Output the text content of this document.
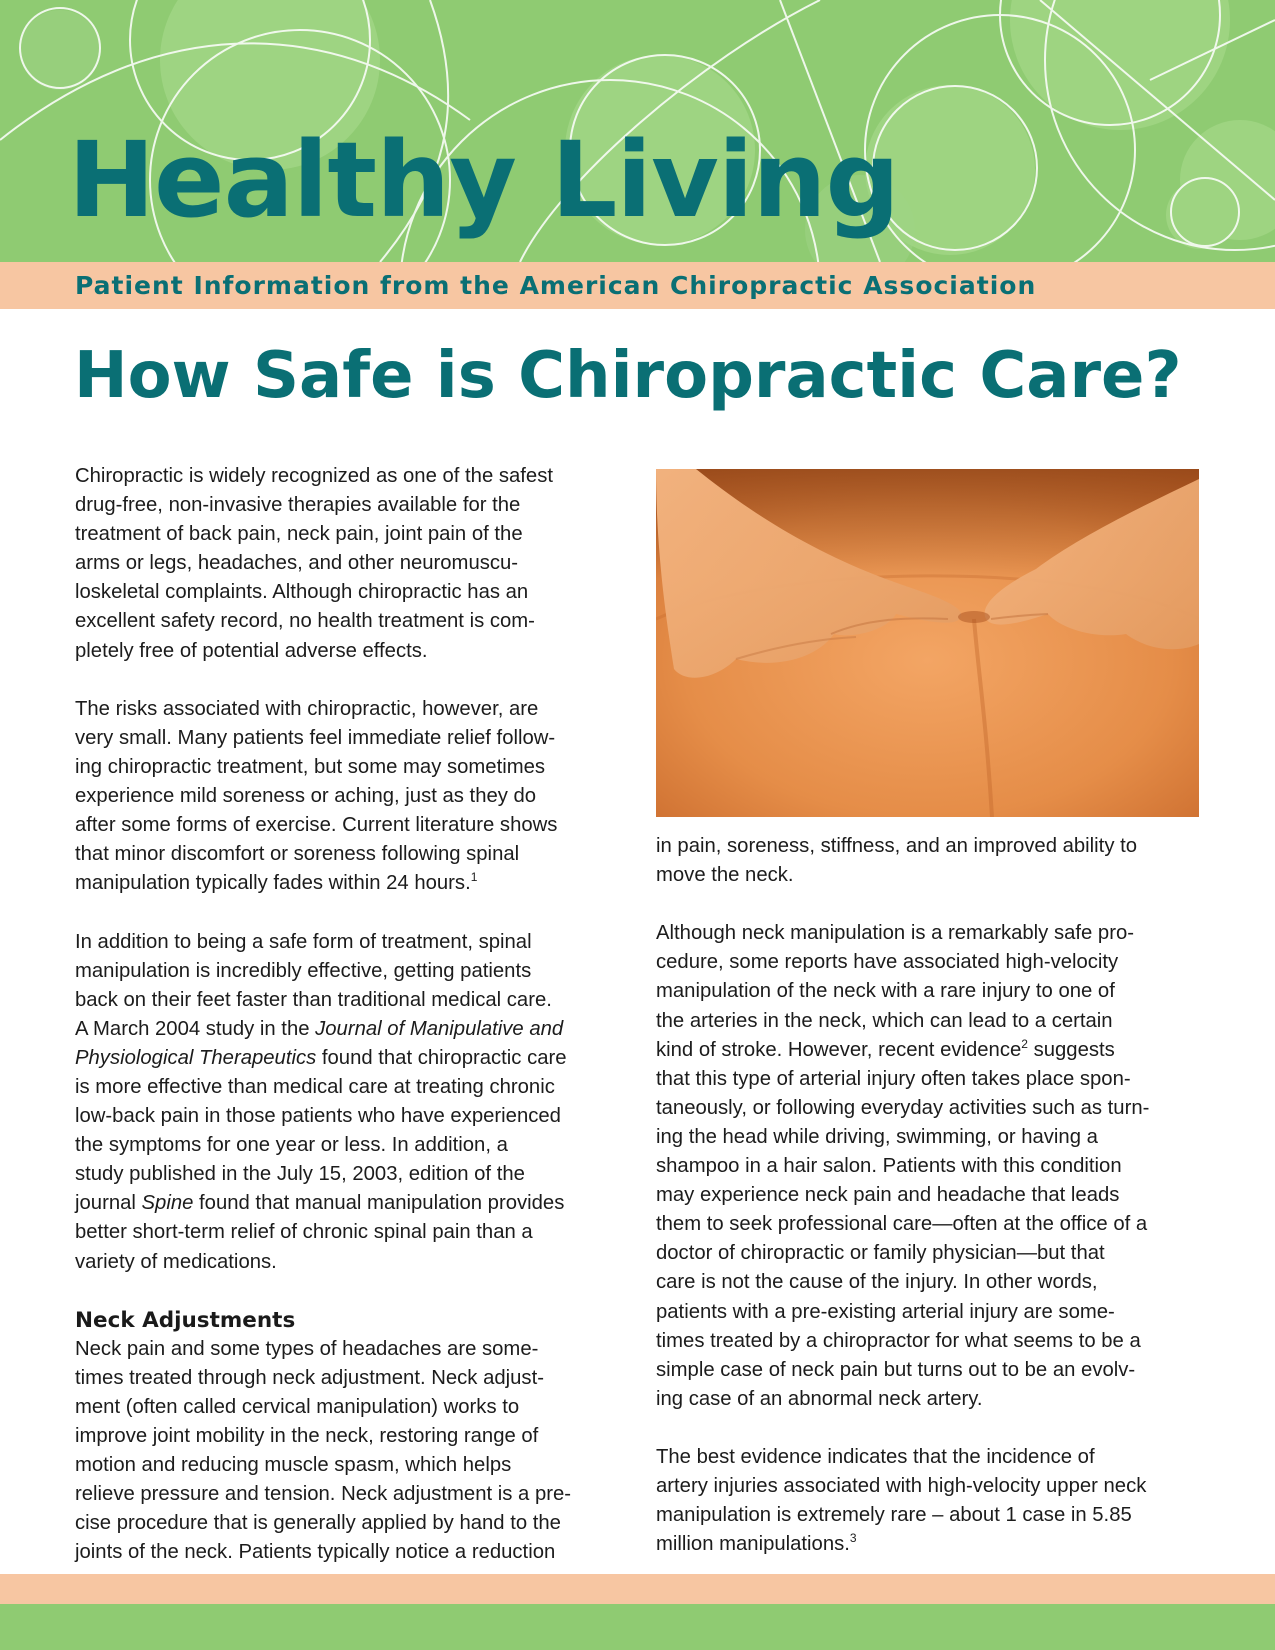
Healthy Living
Patient Information from the American Chiropractic Association
How Safe is Chiropractic Care?

Chiropractic is widely recognized as one of the safest
drug-free, non-invasive therapies available for the
treatment of back pain, neck pain, joint pain of the
arms or legs, headaches, and other neuromuscu-
loskeletal complaints. Although chiropractic has an
excellent safety record, no health treatment is com-
pletely free of potential adverse effects.

The risks associated with chiropractic, however, are
very small. Many patients feel immediate relief follow-
ing chiropractic treatment, but some may sometimes
experience mild soreness or aching, just as they do
after some forms of exercise. Current literature shows
that minor discomfort or soreness following spinal
manipulation typically fades within 24 hours.$^1$

In addition to being a safe form of treatment, spinal
manipulation is incredibly effective, getting patients
back on their feet faster than traditional medical care.
A March 2004 study in the Journal of Manipulative and
Physiological Therapeutics found that chiropractic care
is more effective than medical care at treating chronic
low-back pain in those patients who have experienced
the symptoms for one year or less. In addition, a
study published in the July 15, 2003, edition of the
journal Spine found that manual manipulation provides
better short-term relief of chronic spinal pain than a
variety of medications.

Neck Adjustments

Neck pain and some types of headaches are some-
times treated through neck adjustment. Neck adjust-
ment (often called cervical manipulation) works to
improve joint mobility in the neck, restoring range of
motion and reducing muscle spasm, which helps
relieve pressure and tension. Neck adjustment is a pre-
cise procedure that is generally applied by hand to the
joints of the neck. Patients typically notice a reduction

in pain, soreness, stiffness, and an improved ability to
move the neck.

Although neck manipulation is a remarkably safe pro-
cedure, some reports have associated high-velocity
manipulation of the neck with a rare injury to one of
the arteries in the neck, which can lead to a certain
kind of stroke. However, recent evidence$^2$ suggests
that this type of arterial injury often takes place spon-
taneously, or following everyday activities such as turn-
ing the head while driving, swimming, or having a
shampoo in a hair salon. Patients with this condition
may experience neck pain and headache that leads
them to seek professional care—often at the office of a
doctor of chiropractic or family physician—but that
care is not the cause of the injury. In other words,
patients with a pre-existing arterial injury are some-
times treated by a chiropractor for what seems to be a
simple case of neck pain but turns out to be an evolv-
ing case of an abnormal neck artery.

The best evidence indicates that the incidence of
artery injuries associated with high-velocity upper neck
manipulation is extremely rare – about 1 case in 5.85
million manipulations.$^3$
